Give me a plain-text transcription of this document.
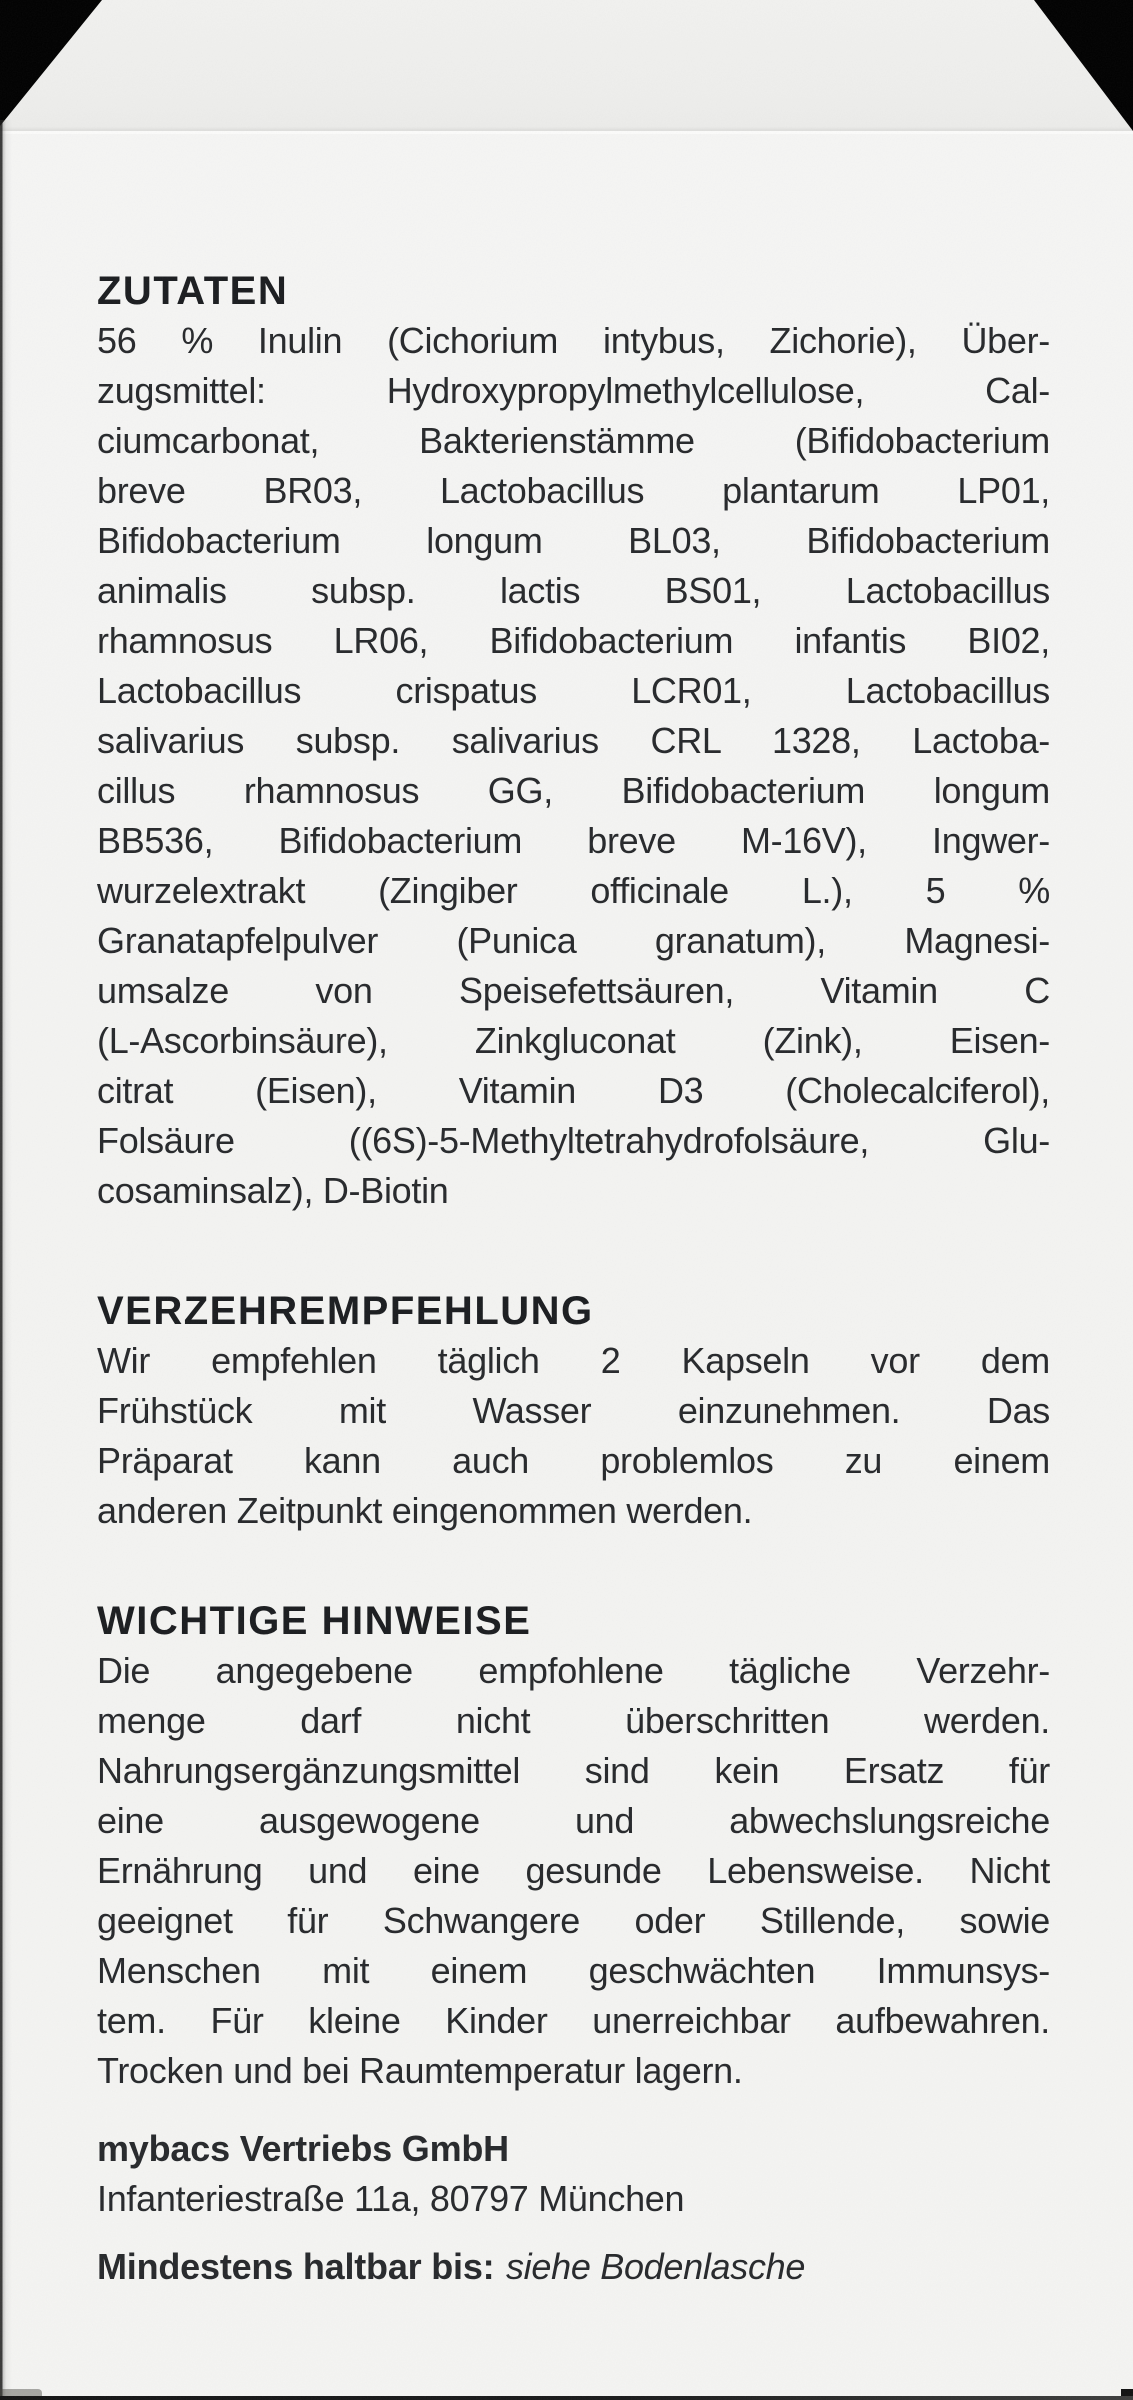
ZUTATEN
56 % Inulin (Cichorium intybus, Zichorie), Über-
zugsmittel: Hydroxypropylmethylcellulose, Cal-
ciumcarbonat, Bakterienstämme (Bifidobacterium
breve BR03, Lactobacillus plantarum LP01,
Bifidobacterium longum BL03, Bifidobacterium
animalis subsp. lactis BS01, Lactobacillus
rhamnosus LR06, Bifidobacterium infantis BI02,
Lactobacillus crispatus LCR01, Lactobacillus
salivarius subsp. salivarius CRL 1328, Lactoba-
cillus rhamnosus GG, Bifidobacterium longum
BB536, Bifidobacterium breve M-16V), Ingwer-
wurzelextrakt (Zingiber officinale L.), 5 %
Granatapfelpulver (Punica granatum), Magnesi-
umsalze von Speisefettsäuren, Vitamin C
(L-Ascorbinsäure), Zinkgluconat (Zink), Eisen-
citrat (Eisen), Vitamin D3 (Cholecalciferol),
Folsäure ((6S)-5-Methyltetrahydrofolsäure, Glu-
cosaminsalz), D-Biotin
VERZEHREMPFEHLUNG
Wir empfehlen täglich 2 Kapseln vor dem
Frühstück mit Wasser einzunehmen. Das
Präparat kann auch problemlos zu einem
anderen Zeitpunkt eingenommen werden.
WICHTIGE HINWEISE
Die angegebene empfohlene tägliche Verzehr-
menge darf nicht überschritten werden.
Nahrungsergänzungsmittel sind kein Ersatz für
eine ausgewogene und abwechslungsreiche
Ernährung und eine gesunde Lebensweise. Nicht
geeignet für Schwangere oder Stillende, sowie
Menschen mit einem geschwächten Immunsys-
tem. Für kleine Kinder unerreichbar aufbewahren.
Trocken und bei Raumtemperatur lagern.
mybacs Vertriebs GmbH
Infanteriestraße 11a, 80797 München
Mindestens haltbar bis: siehe Bodenlasche
